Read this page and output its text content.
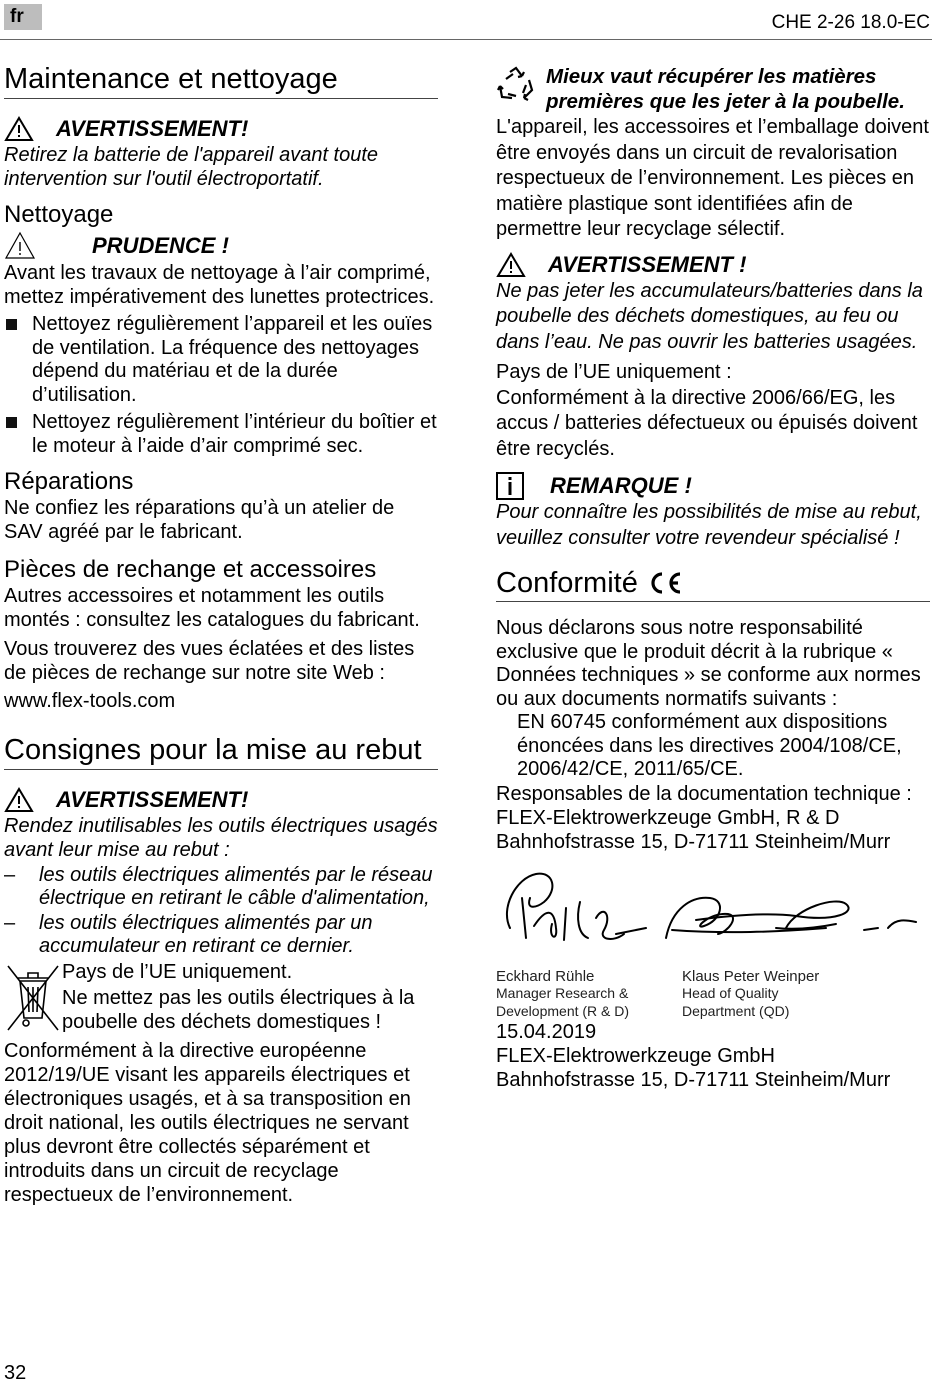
fr	CHE 2-26 18.0-EC
Maintenance et nettoyage
AVERTISSEMENT!

Retirez la batterie de l'appareil avant toute intervention sur l'outil électroportatif.

Nettoyage
PRUDENCE !

Avant les travaux de nettoyage à l’air comprimé, mettez impérativement des lunettes protectrices.

Nettoyez régulièrement l’appareil et les ouïes de ventilation. La fréquence des nettoyages dépend du matériau et de la durée d’utilisation.
Nettoyez régulièrement l’intérieur du boîtier et le moteur à l’aide d’air comprimé sec.
Réparations

Ne confiez les réparations qu’à un atelier de SAV agréé par le fabricant.

Pièces de rechange et accessoires

Autres accessoires et notamment les outils montés : consultez les catalogues du fabricant.

Vous trouverez des vues éclatées et des listes de pièces de rechange sur notre site Web :

www.flex-tools.com
Consignes pour la mise au rebut
AVERTISSEMENT!

Rendez inutilisables les outils électriques usagés avant leur mise au rebut :

– les outils électriques alimentés par le réseau électrique en retirant le câble d'alimentation,
– les outils électriques alimentés par un accumulateur en retirant ce dernier.

Pays de l’UE uniquement.

Ne mettez pas les outils électriques à la poubelle des déchets domestiques !

Conformément à la directive européenne 2012/19/UE visant les appareils électriques et électroniques usagés, et à sa transposition en droit national, les outils électriques ne servant plus devront être collectés séparément et introduits dans un circuit de recyclage respectueux de l’environnement.

Mieux vaut récupérer les matières premières que les jeter à la poubelle.

L'appareil, les accessoires et l’emballage doivent être envoyés dans un circuit de revalorisation respectueux de l’environnement. Les pièces en matière plastique sont identifiées afin de permettre leur recyclage sélectif.

AVERTISSEMENT !

Ne pas jeter les accumulateurs/batteries dans la poubelle des déchets domestiques, au feu ou dans l’eau. Ne pas ouvrir les batteries usagées.

Pays de l’UE uniquement :

Conformément à la directive 2006/66/EG, les accus / batteries défectueux ou épuisés doivent être recyclés.

REMARQUE !

Pour connaître les possibilités de mise au rebut, veuillez consulter votre revendeur spécialisé !

Conformité

Nous déclarons sous notre responsabilité exclusive que le produit décrit à la rubrique « Données techniques » se conforme aux normes ou aux documents normatifs suivants :

EN 60745 conformément aux dispositions énoncées dans les directives 2004/108/CE, 2006/42/CE, 2011/65/CE.

Responsables de la documentation technique :

FLEX-Elektrowerkzeuge GmbH, R & D

Bahnhofstrasse 15, D-71711 Steinheim/Murr

Eckhard Rühle
Manager Research &
Development (R & D)
Klaus Peter Weinper
Head of Quality
Department (QD)

15.04.2019

FLEX-Elektrowerkzeuge GmbH

Bahnhofstrasse 15, D-71711 Steinheim/Murr

32
